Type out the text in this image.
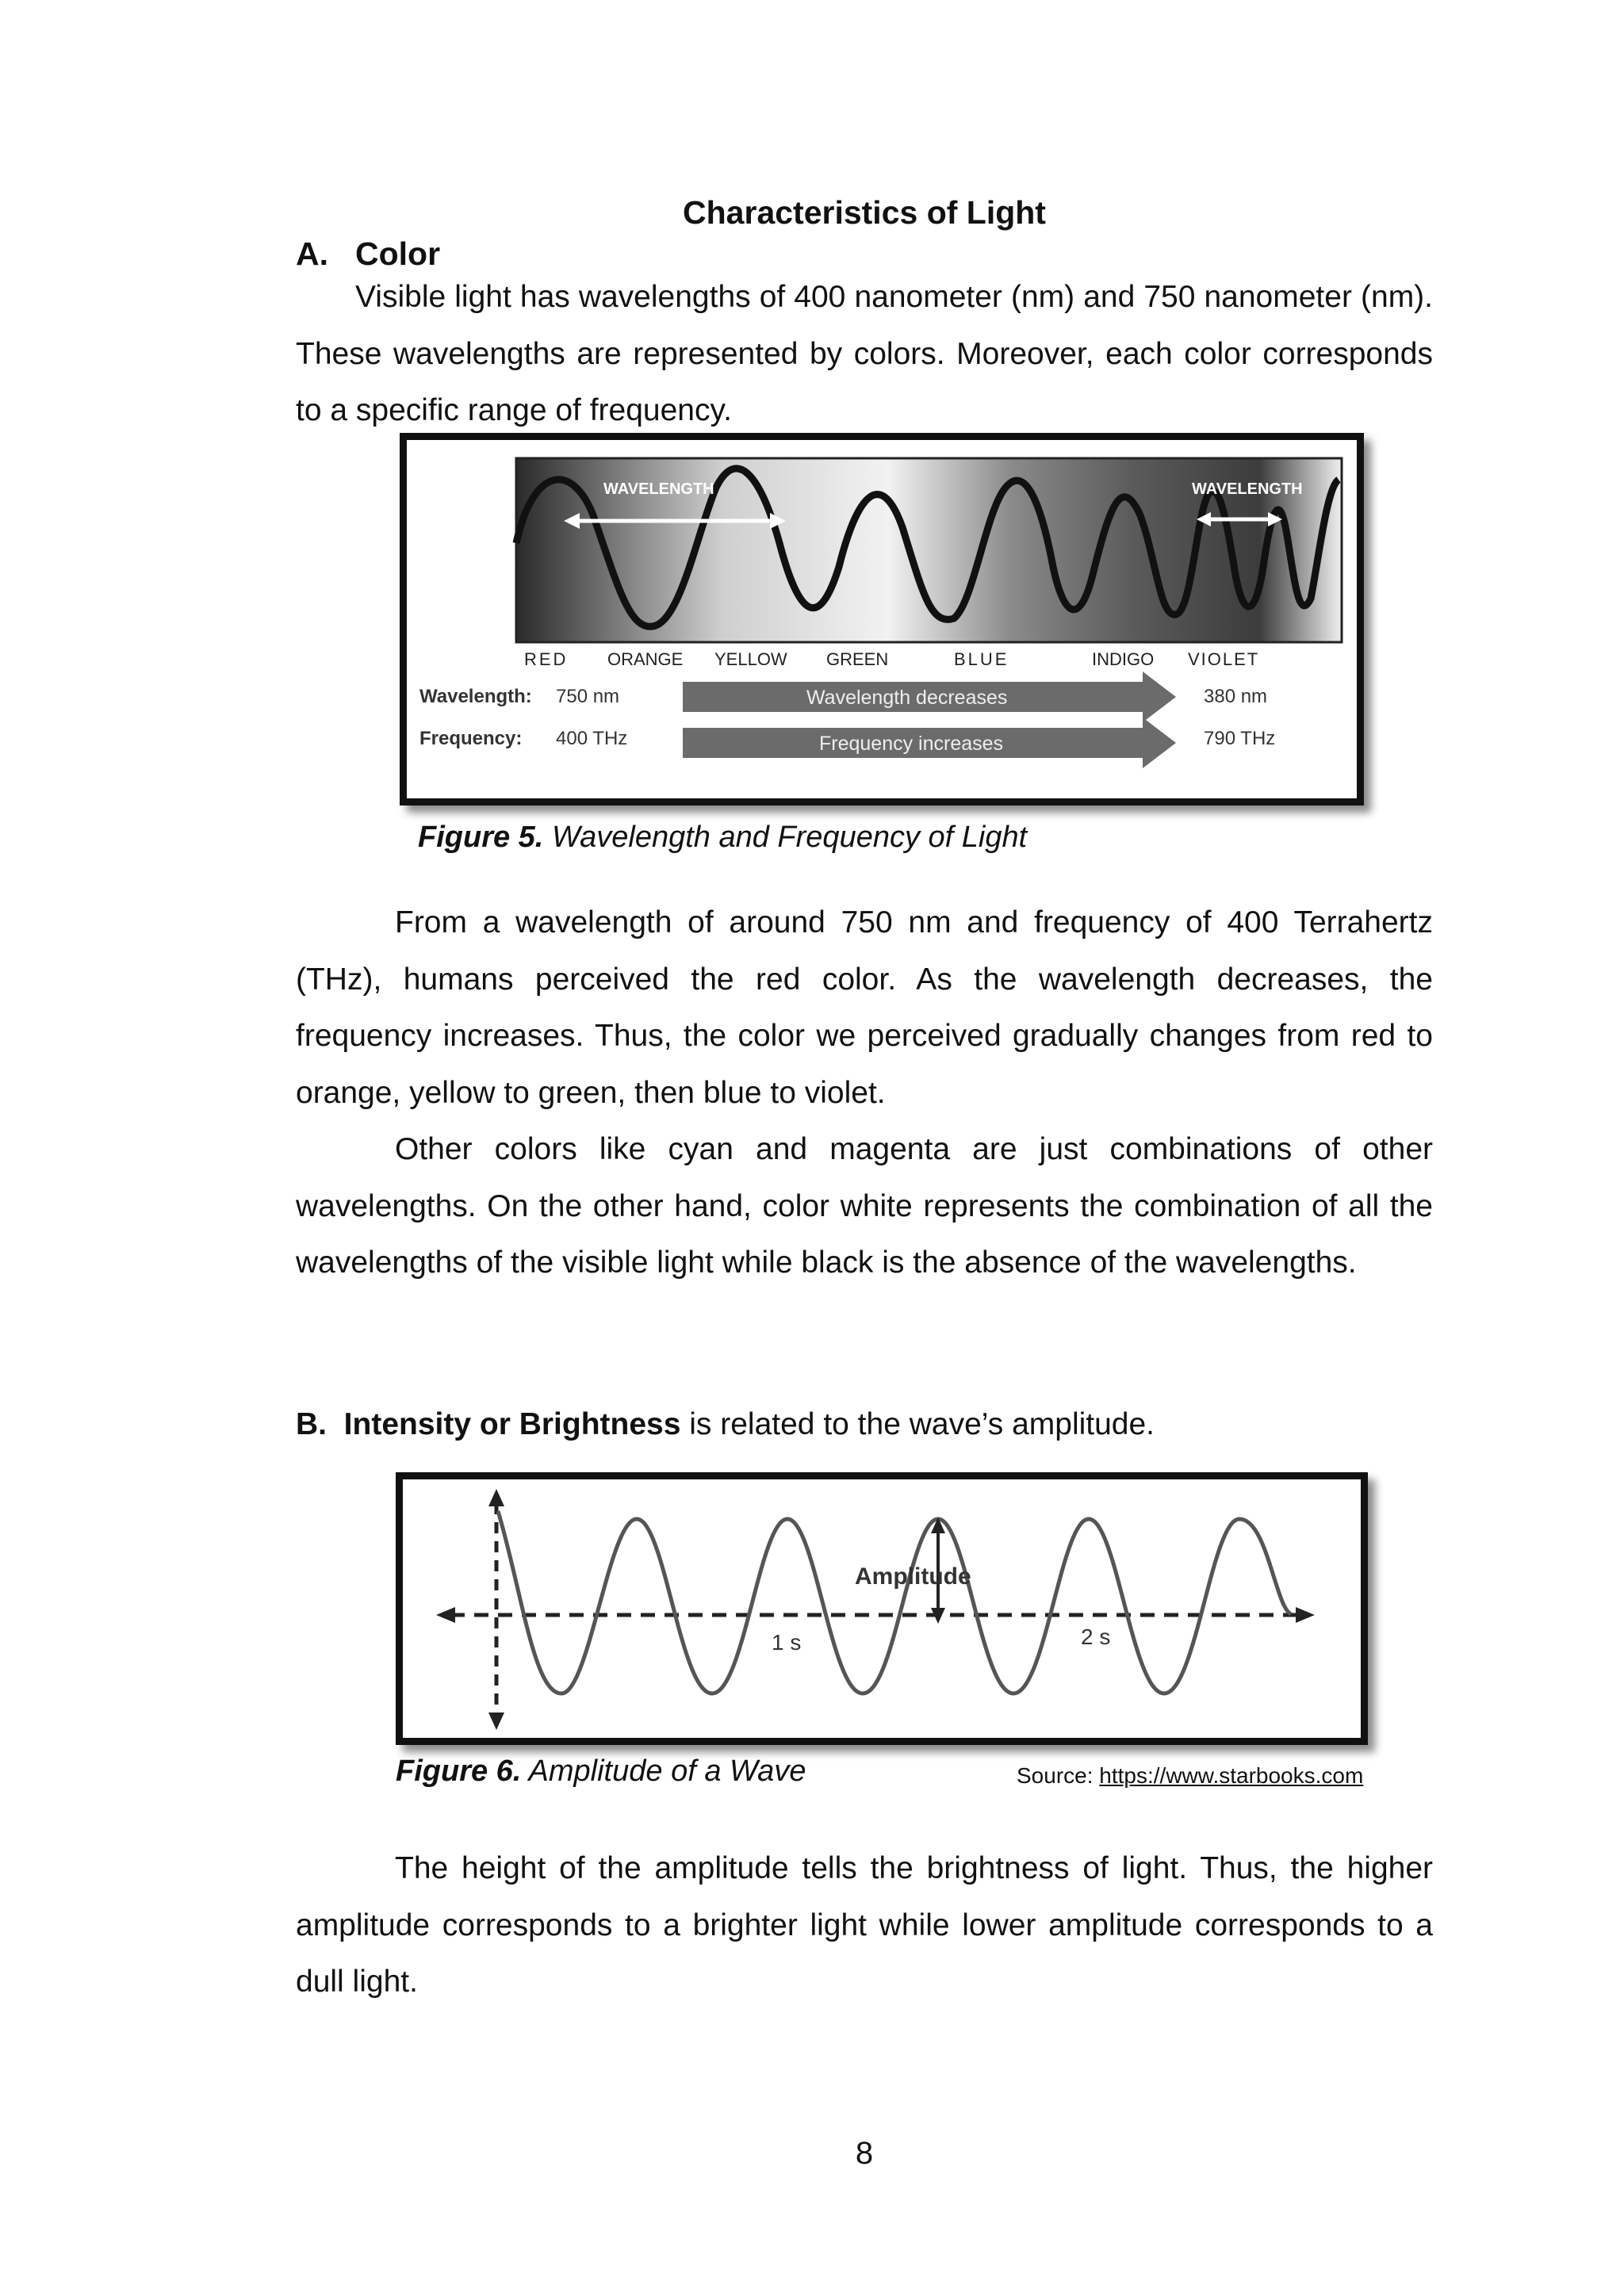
Characteristics of Light
A. Color

Visible light has wavelengths of 400 nanometer (nm) and 750 nanometer (nm). These wavelengths are represented by colors. Moreover, each color corresponds to a specific range of frequency.

WAVELENGTH	WAVELENGTH
RED ORANGE YELLOW GREEN	BLUE	INDIGO VIOLET
Wavelength: 750 nm	Wavelength decreases	380 nm
Frequency: 400 THz	Frequency increases	790 THz
Figure 5. Wavelength and Frequency of Light

From a wavelength of around 750 nm and frequency of 400 Terrahertz (THz), humans perceived the red color. As the wavelength decreases, the frequency increases. Thus, the color we perceived gradually changes from red to orange, yellow to green, then blue to violet.

Other colors like cyan and magenta are just combinations of other wavelengths. On the other hand, color white represents the combination of all the wavelengths of the visible light while black is the absence of the wavelengths.

B. Intensity or Brightness is related to the wave’s amplitude.
Amplitude
1 s	2 s
Figure 6. Amplitude of a Wave	Source: https://www.starbooks.com

The height of the amplitude tells the brightness of light. Thus, the higher amplitude corresponds to a brighter light while lower amplitude corresponds to a dull light.

8
